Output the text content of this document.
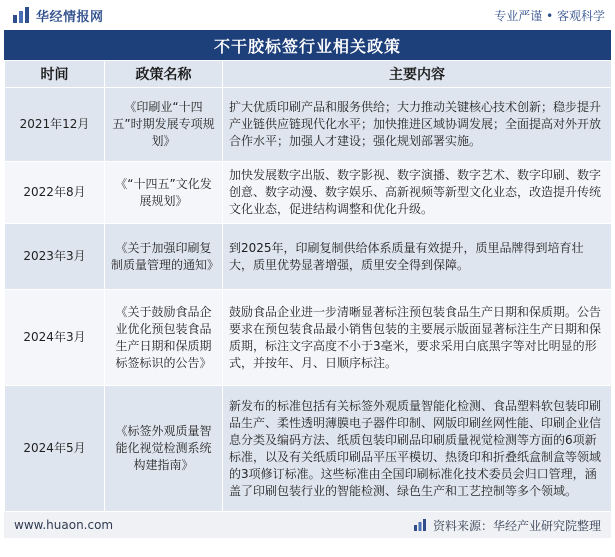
华经情报网	专业严谨 • 客观科学
不干胶标签行业相关政策
时间	政策名称	主要内容
2021年12月	《印刷业“十四五”时期发展专项规划》	扩大优质印刷产品和服务供给；大力推动关键核心技术创新；稳步提升产业链供应链现代化水平；加快推进区域协调发展；全面提高对外开放合作水平；加强人才建设；强化规划部署实施。
2022年8月	《“十四五”文化发展规划》	加快发展数字出版、数字影视、数字演播、数字艺术、数字印刷、数字创意、数字动漫、数字娱乐、高新视频等新型文化业态，改造提升传统文化业态，促进结构调整和优化升级。
2023年3月	《关于加强印刷复制质量管理的通知》	到2025年，印刷复制供给体系质量有效提升，质里品牌得到培育壮大，质里优势显著增强，质里安全得到保障。
2024年3月	《关于鼓励食品企业优化预包装食品生产日期和保质期标签标识的公告》	鼓励食品企业进一步清晰显著标注预包装食品生产日期和保质期。公告要求在预包装食品最小销售包装的主要展示版面显著标注生产日期和保质期，标注文字高度不小于3毫米，要求采用白底黑字等对比明显的形式，并按年、月、日顺序标注。
2024年5月	《标签外观质量智能化视觉检测系统构建指南》	新发布的标准包括有关标签外观质量智能化检测、食品塑料软包装印刷品生产、柔性透明薄膜电子器件印制、网版印刷丝网性能、印刷企业信息分类及编码方法、纸质包装印刷品印刷质量视觉检测等方面的6项新标准，以及有关纸质印刷品平压平模切、热烫印和折叠纸盒制盒等领域的3项修订标准。这些标准由全国印刷标准化技术委员会归口管理，涵盖了印刷包装行业的智能检测、绿色生产和工艺控制等多个领域。
www.huaon.com	资料来源：华经产业研究院整理
